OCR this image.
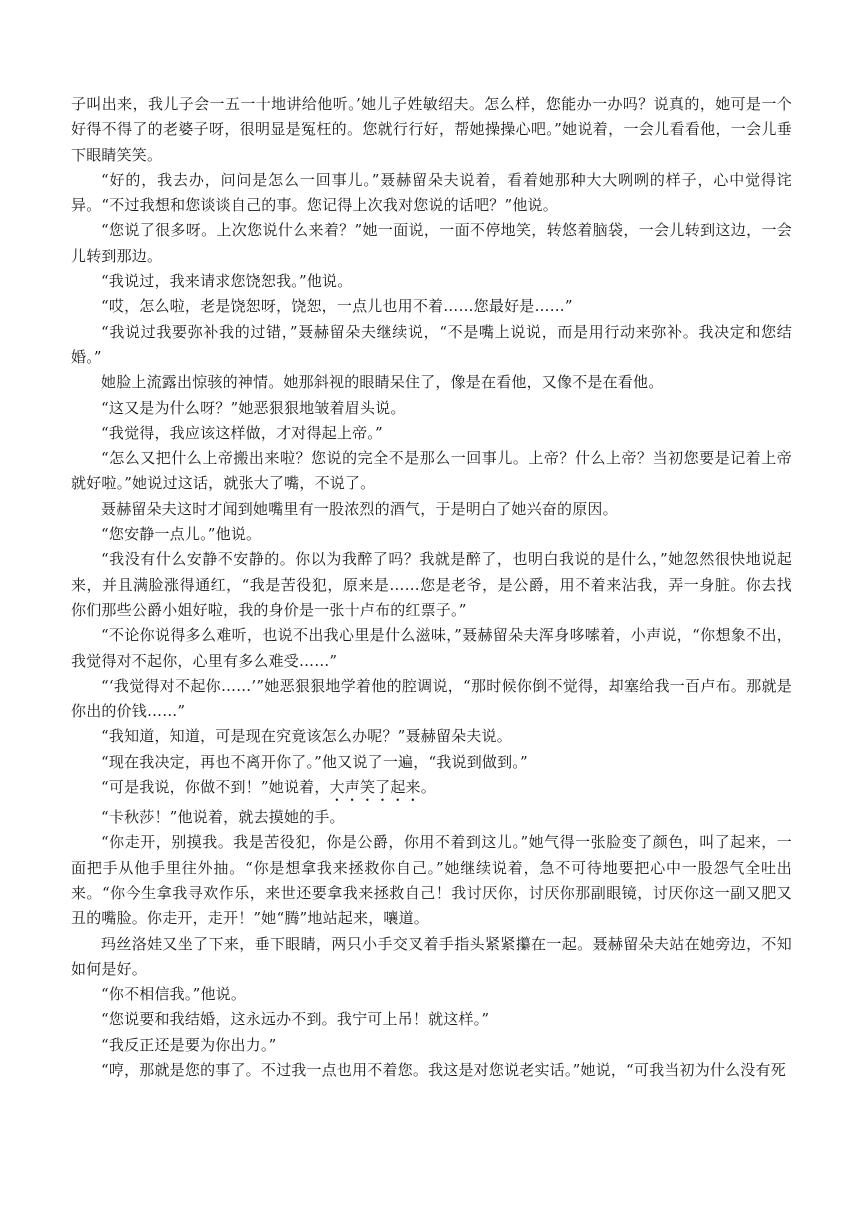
子叫出来，我儿子会一五一十地讲给他听。’她儿子姓敏绍夫。怎么样，您能办一办吗？说真的，她可是一个好得不得了的老婆子呀，很明显是冤枉的。您就行行好，帮她操操心吧。”她说着，一会儿看看他，一会儿垂下眼睛笑笑。

“好的，我去办，问问是怎么一回事儿。”聂赫留朵夫说着，看着她那种大大咧咧的样子，心中觉得诧异。“不过我想和您谈谈自己的事。您记得上次我对您说的话吧？”他说。

“您说了很多呀。上次您说什么来着？”她一面说，一面不停地笑，转悠着脑袋，一会儿转到这边，一会儿转到那边。

“我说过，我来请求您饶恕我。”他说。

“哎，怎么啦，老是饶恕呀，饶恕，一点儿也用不着……您最好是……”

“我说过我要弥补我的过错，”聂赫留朵夫继续说，“不是嘴上说说，而是用行动来弥补。我决定和您结婚。”

她脸上流露出惊骇的神情。她那斜视的眼睛呆住了，像是在看他，又像不是在看他。

“这又是为什么呀？”她恶狠狠地皱着眉头说。

“我觉得，我应该这样做，才对得起上帝。”

“怎么又把什么上帝搬出来啦？您说的完全不是那么一回事儿。上帝？什么上帝？当初您要是记着上帝就好啦。”她说过这话，就张大了嘴，不说了。

聂赫留朵夫这时才闻到她嘴里有一股浓烈的酒气，于是明白了她兴奋的原因。

“您安静一点儿。”他说。

“我没有什么安静不安静的。你以为我醉了吗？我就是醉了，也明白我说的是什么，”她忽然很快地说起来，并且满脸涨得通红，“我是苦役犯，原来是……您是老爷，是公爵，用不着来沾我，弄一身脏。你去找你们那些公爵小姐好啦，我的身价是一张十卢布的红票子。”

“不论你说得多么难听，也说不出我心里是什么滋味，”聂赫留朵夫浑身哆嗦着，小声说，“你想象不出，我觉得对不起你，心里有多么难受……”

“‘我觉得对不起你……’”她恶狠狠地学着他的腔调说，“那时候你倒不觉得，却塞给我一百卢布。那就是你出的价钱……”

“我知道，知道，可是现在究竟该怎么办呢？”聂赫留朵夫说。

“现在我决定，再也不离开你了。”他又说了一遍，“我说到做到。”

“可是我说，你做不到！”她说着，大声笑了起来。

“卡秋莎！”他说着，就去摸她的手。

“你走开，别摸我。我是苦役犯，你是公爵，你用不着到这儿。”她气得一张脸变了颜色，叫了起来，一面把手从他手里往外抽。“你是想拿我来拯救你自己。”她继续说着，急不可待地要把心中一股怨气全吐出来。“你今生拿我寻欢作乐，来世还要拿我来拯救自己！我讨厌你，讨厌你那副眼镜，讨厌你这一副又肥又丑的嘴脸。你走开，走开！”她“腾”地站起来，嚷道。

玛丝洛娃又坐了下来，垂下眼睛，两只小手交叉着手指头紧紧攥在一起。聂赫留朵夫站在她旁边，不知如何是好。

“你不相信我。”他说。

“您说要和我结婚，这永远办不到。我宁可上吊！就这样。”

“我反正还是要为你出力。”

“哼，那就是您的事了。不过我一点也用不着您。我这是对您说老实话。”她说，“可我当初为什么没有死
